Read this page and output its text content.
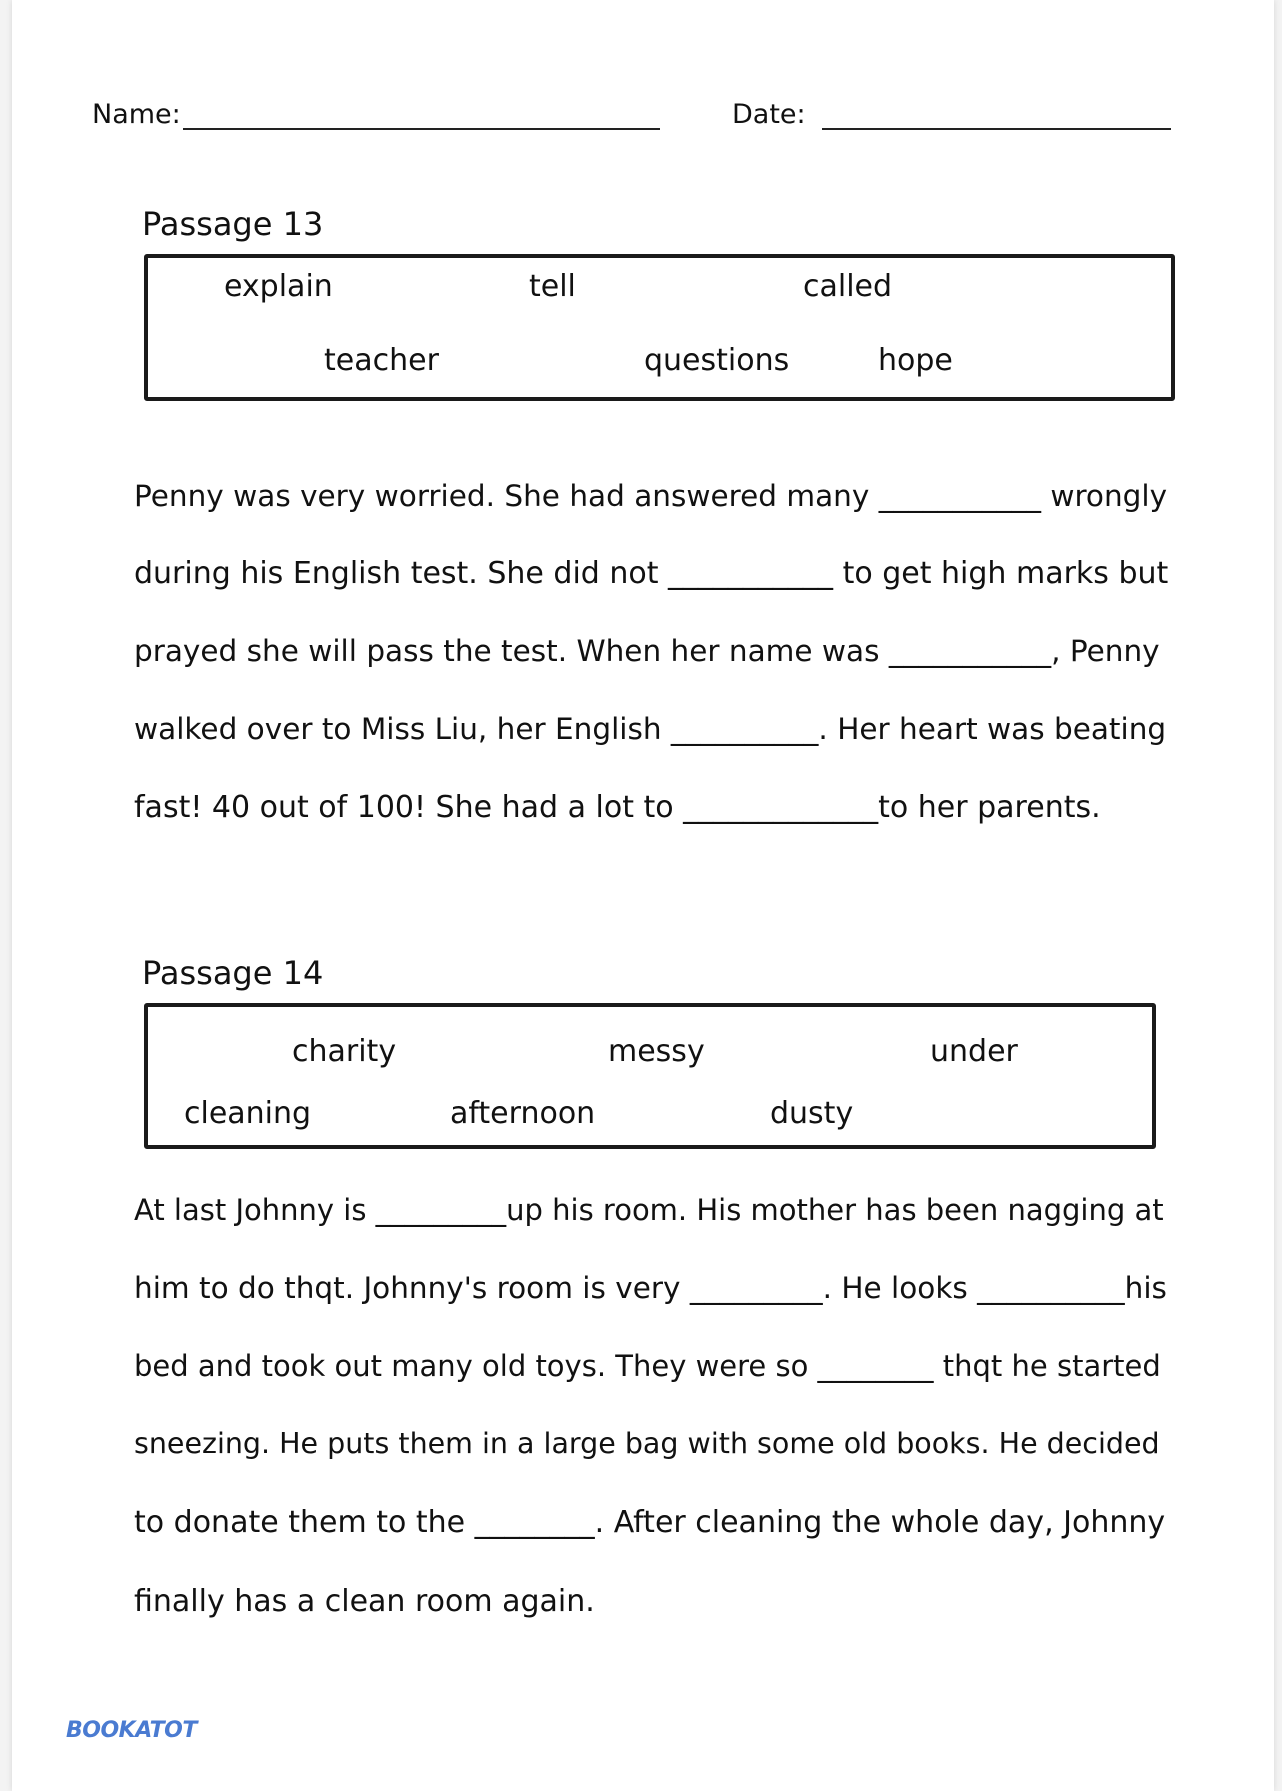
Name:	Date:
Passage 13
explain	tell	called
teacher	questions	hope
Penny was very worried. She had answered many ___________ wrongly
during his English test. She did not ___________ to get high marks but
prayed she will pass the test. When her name was ___________, Penny
walked over to Miss Liu, her English __________. Her heart was beating
fast! 40 out of 100! She had a lot to _____________to her parents.
Passage 14
charity	messy	under
cleaning	afternoon	dusty
At last Johnny is _________up his room. His mother has been nagging at
him to do thqt. Johnny's room is very _________. He looks __________his
bed and took out many old toys. They were so ________ thqt he started
sneezing. He puts them in a large bag with some old books. He decided
to donate them to the ________. After cleaning the whole day, Johnny
finally has a clean room again.
BOOKATOT
